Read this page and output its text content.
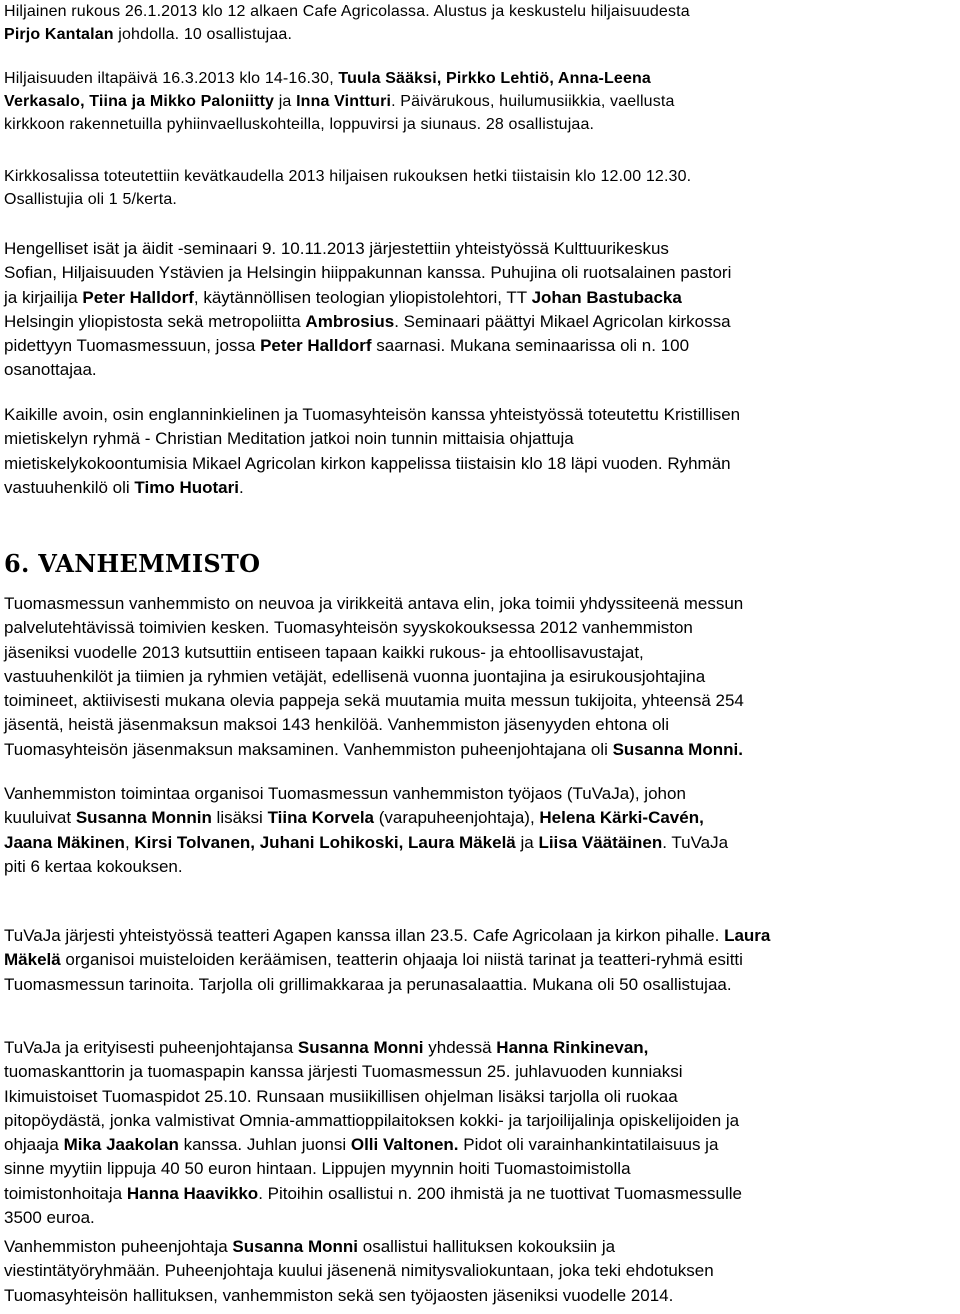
Hiljainen rukous 26.1.2013 klo 12 alkaen Cafe Agricolassa. Alustus ja keskustelu hiljaisuudesta
Pirjo Kantalan johdolla. 10 osallistujaa.
Hiljaisuuden iltapäivä 16.3.2013 klo 14-16.30, Tuula Sääksi, Pirkko Lehtiö, Anna-Leena
Verkasalo, Tiina ja Mikko Paloniitty ja Inna Vintturi. Päivärukous, huilumusiikkia, vaellusta
kirkkoon rakennetuilla pyhiinvaelluskohteilla, loppuvirsi ja siunaus. 28 osallistujaa.
Kirkkosalissa toteutettiin kevätkaudella 2013 hiljaisen rukouksen hetki tiistaisin klo 12.00 12.30.
Osallistujia oli 1 5/kerta.
Hengelliset isät ja äidit -seminaari 9. 10.11.2013 järjestettiin yhteistyössä Kulttuurikeskus
Sofian, Hiljaisuuden Ystävien ja Helsingin hiippakunnan kanssa. Puhujina oli ruotsalainen pastori
ja kirjailija Peter Halldorf, käytännöllisen teologian yliopistolehtori, TT Johan Bastubacka
Helsingin yliopistosta sekä metropoliitta Ambrosius. Seminaari päättyi Mikael Agricolan kirkossa
pidettyyn Tuomasmessuun, jossa Peter Halldorf saarnasi. Mukana seminaarissa oli n. 100
osanottajaa.
Kaikille avoin, osin englanninkielinen ja Tuomasyhteisön kanssa yhteistyössä toteutettu Kristillisen
mietiskelyn ryhmä - Christian Meditation jatkoi noin tunnin mittaisia ohjattuja
mietiskelykokoontumisia Mikael Agricolan kirkon kappelissa tiistaisin klo 18 läpi vuoden. Ryhmän
vastuuhenkilö oli Timo Huotari.
6. VANHEMMISTO
Tuomasmessun vanhemmisto on neuvoa ja virikkeitä antava elin, joka toimii yhdyssiteenä messun
palvelutehtävissä toimivien kesken. Tuomasyhteisön syyskokouksessa 2012 vanhemmiston
jäseniksi vuodelle 2013 kutsuttiin entiseen tapaan kaikki rukous- ja ehtoollisavustajat,
vastuuhenkilöt ja tiimien ja ryhmien vetäjät, edellisenä vuonna juontajina ja esirukousjohtajina
toimineet, aktiivisesti mukana olevia pappeja sekä muutamia muita messun tukijoita, yhteensä 254
jäsentä, heistä jäsenmaksun maksoi 143 henkilöä. Vanhemmiston jäsenyyden ehtona oli
Tuomasyhteisön jäsenmaksun maksaminen. Vanhemmiston puheenjohtajana oli Susanna Monni.
Vanhemmiston toimintaa organisoi Tuomasmessun vanhemmiston työjaos (TuVaJa), johon
kuuluivat Susanna Monnin lisäksi Tiina Korvela (varapuheenjohtaja), Helena Kärki-Cavén,
Jaana Mäkinen, Kirsi Tolvanen, Juhani Lohikoski, Laura Mäkelä ja Liisa Väätäinen. TuVaJa
piti 6 kertaa kokouksen.
TuVaJa järjesti yhteistyössä teatteri Agapen kanssa illan 23.5. Cafe Agricolaan ja kirkon pihalle. Laura
Mäkelä organisoi muisteloiden keräämisen, teatterin ohjaaja loi niistä tarinat ja teatteri-ryhmä esitti
Tuomasmessun tarinoita. Tarjolla oli grillimakkaraa ja perunasalaattia. Mukana oli 50 osallistujaa.
TuVaJa ja erityisesti puheenjohtajansa Susanna Monni yhdessä Hanna Rinkinevan,
tuomaskanttorin ja tuomaspapin kanssa järjesti Tuomasmessun 25. juhlavuoden kunniaksi
Ikimuistoiset Tuomaspidot 25.10. Runsaan musiikillisen ohjelman lisäksi tarjolla oli ruokaa
pitopöydästä, jonka valmistivat Omnia-ammattioppilaitoksen kokki- ja tarjoilijalinja opiskelijoiden ja
ohjaaja Mika Jaakolan kanssa. Juhlan juonsi Olli Valtonen. Pidot oli varainhankintatilaisuus ja
sinne myytiin lippuja 40 50 euron hintaan. Lippujen myynnin hoiti Tuomastoimistolla
toimistonhoitaja Hanna Haavikko. Pitoihin osallistui n. 200 ihmistä ja ne tuottivat Tuomasmessulle
3500 euroa.
Vanhemmiston puheenjohtaja Susanna Monni osallistui hallituksen kokouksiin ja
viestintätyöryhmään. Puheenjohtaja kuului jäsenenä nimitysvaliokuntaan, joka teki ehdotuksen
Tuomasyhteisön hallituksen, vanhemmiston sekä sen työjaosten jäseniksi vuodelle 2014.
